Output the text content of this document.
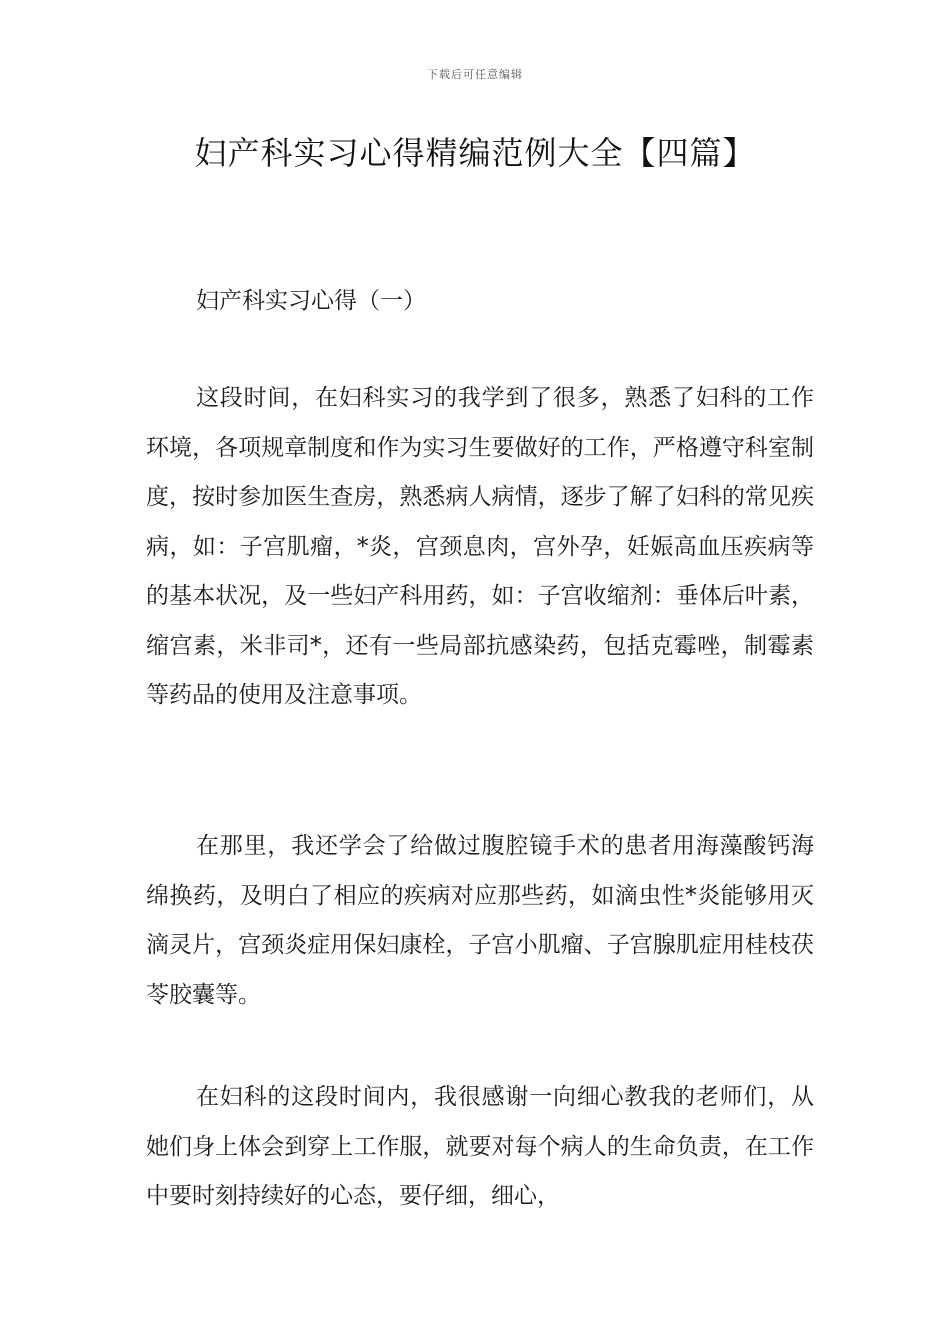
下载后可任意编辑
妇产科实习心得精编范例大全【四篇】
妇产科实习心得（一）

这段时间，在妇科实习的我学到了很多，熟悉了妇科的工作环境，各项规章制度和作为实习生要做好的工作，严格遵守科室制度，按时参加医生查房，熟悉病人病情，逐步了解了妇科的常见疾病，如：子宫肌瘤，*炎，宫颈息肉，宫外孕，妊娠高血压疾病等的基本状况，及一些妇产科用药，如：子宫收缩剂：垂体后叶素，缩宫素，米非司*，还有一些局部抗感染药，包括克霉唑，制霉素等药品的使用及注意事项。

在那里，我还学会了给做过腹腔镜手术的患者用海藻酸钙海绵换药，及明白了相应的疾病对应那些药，如滴虫性*炎能够用灭滴灵片，宫颈炎症用保妇康栓，子宫小肌瘤、子宫腺肌症用桂枝茯苓胶囊等。

在妇科的这段时间内，我很感谢一向细心教我的老师们，从她们身上体会到穿上工作服，就要对每个病人的生命负责，在工作中要时刻持续好的心态，要仔细，细心，
